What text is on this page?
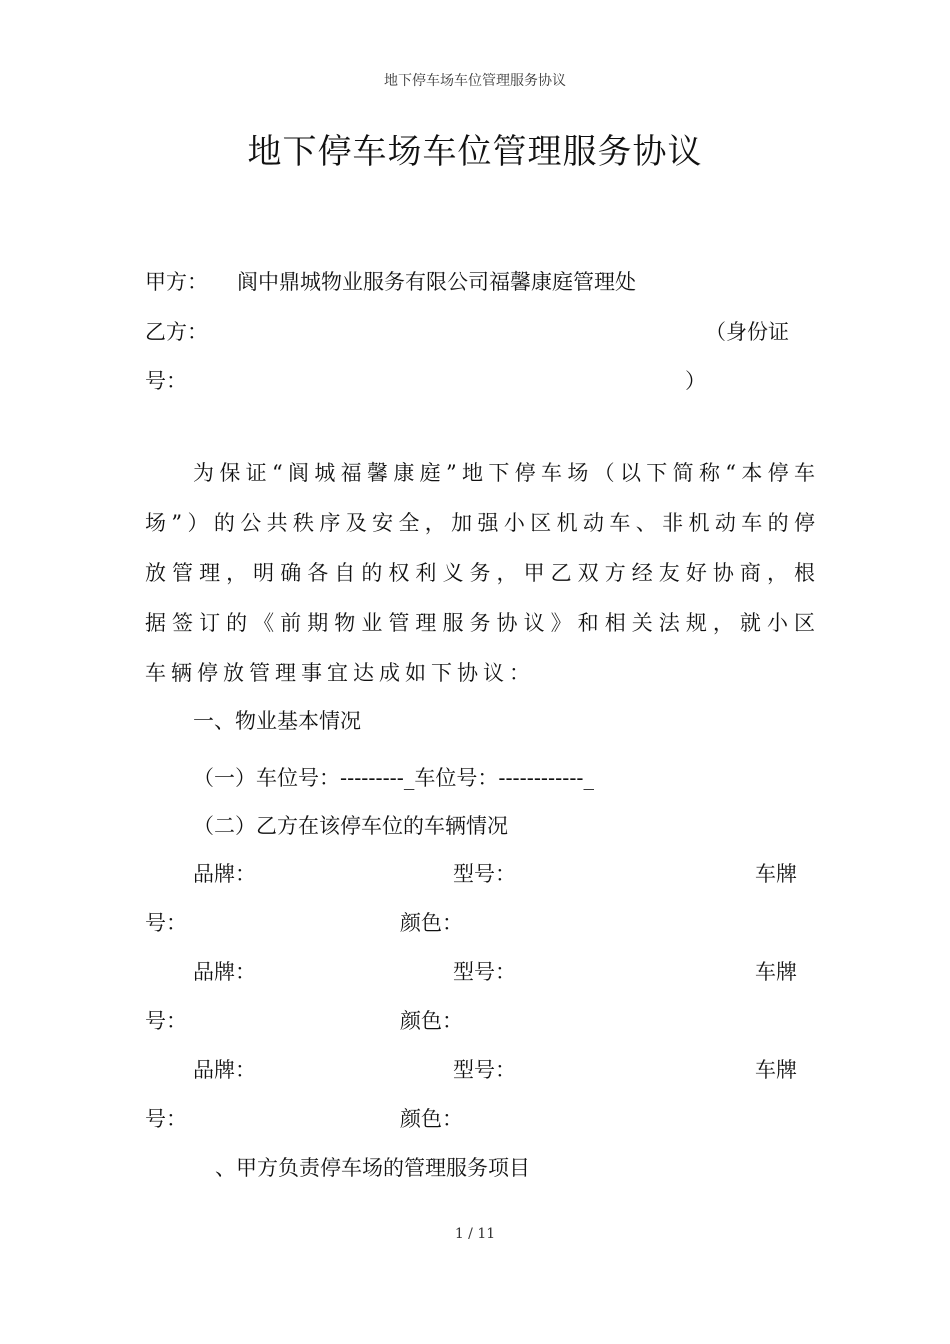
地下停车场车位管理服务协议
地下停车场车位管理服务协议
甲方： 阆中鼎城物业服务有限公司福馨康庭管理处
乙方：	（身份证
号：	）
为保证“阆城福馨康庭”地下停车场（以下简称“本停车场”）的公共秩序及安全，加强小区机动车、非机动车的停放管理，明确各自的权利义务，甲乙双方经友好协商，根据签订的《前期物业管理服务协议》和相关法规，就小区车辆停放管理事宜达成如下协议：
一、物业基本情况
（一）车位号：---------_车位号：------------_
（二）乙方在该停车位的车辆情况
品牌：	型号：	车牌
号：	颜色：
品牌：	型号：	车牌
号：	颜色：
品牌：	型号：	车牌
号：	颜色：
、甲方负责停车场的管理服务项目
1 / 11
